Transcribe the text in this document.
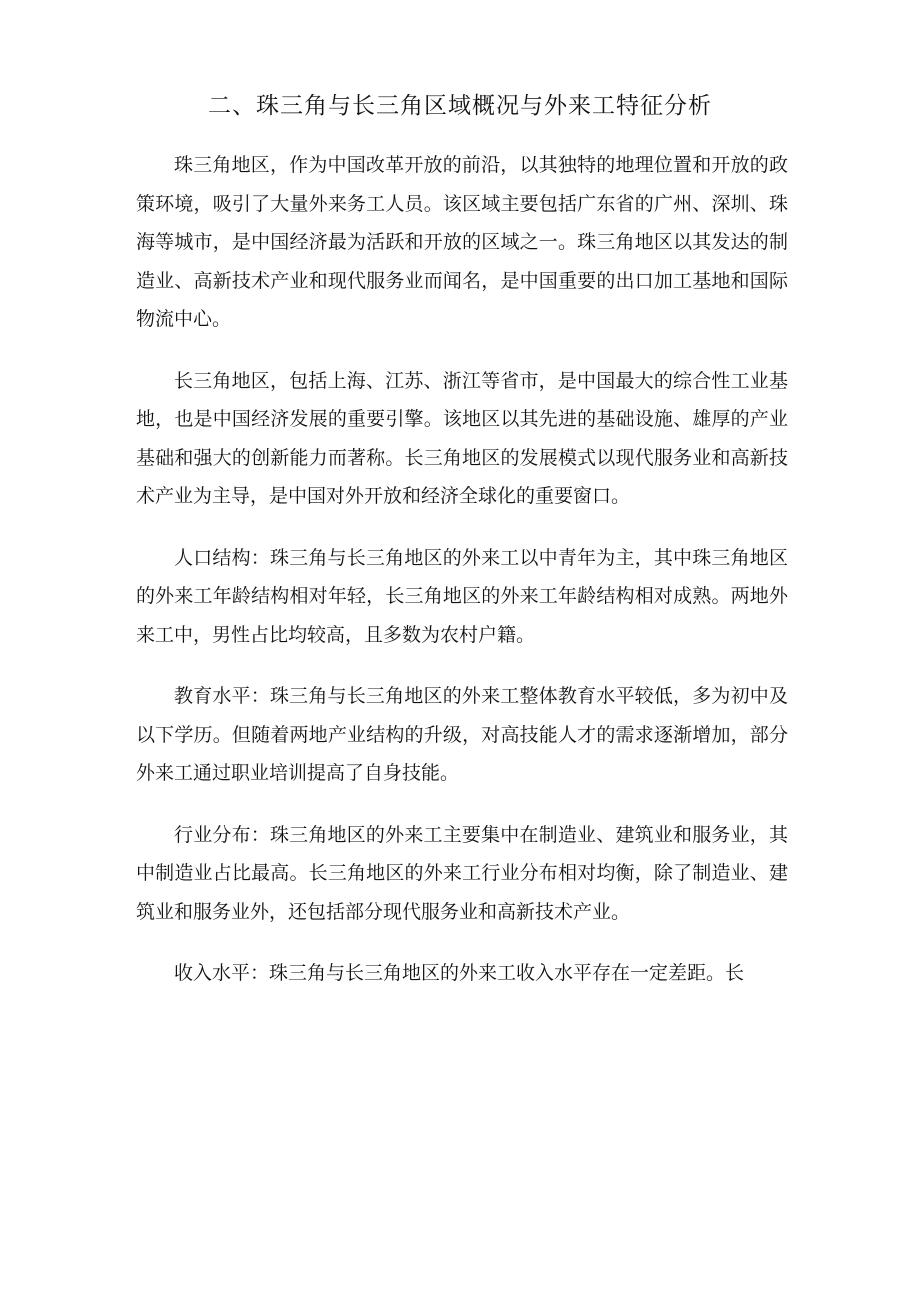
二、珠三角与长三角区域概况与外来工特征分析

珠三角地区，作为中国改革开放的前沿，以其独特的地理位置和开放的政策环境，吸引了大量外来务工人员。该区域主要包括广东省的广州、深圳、珠海等城市，是中国经济最为活跃和开放的区域之一。珠三角地区以其发达的制造业、高新技术产业和现代服务业而闻名，是中国重要的出口加工基地和国际物流中心。

长三角地区，包括上海、江苏、浙江等省市，是中国最大的综合性工业基地，也是中国经济发展的重要引擎。该地区以其先进的基础设施、雄厚的产业基础和强大的创新能力而著称。长三角地区的发展模式以现代服务业和高新技术产业为主导，是中国对外开放和经济全球化的重要窗口。

人口结构：珠三角与长三角地区的外来工以中青年为主，其中珠三角地区的外来工年龄结构相对年轻，长三角地区的外来工年龄结构相对成熟。两地外来工中，男性占比均较高，且多数为农村户籍。

教育水平：珠三角与长三角地区的外来工整体教育水平较低，多为初中及以下学历。但随着两地产业结构的升级，对高技能人才的需求逐渐增加，部分外来工通过职业培训提高了自身技能。

行业分布：珠三角地区的外来工主要集中在制造业、建筑业和服务业，其中制造业占比最高。长三角地区的外来工行业分布相对均衡，除了制造业、建筑业和服务业外，还包括部分现代服务业和高新技术产业。

收入水平：珠三角与长三角地区的外来工收入水平存在一定差距。长
